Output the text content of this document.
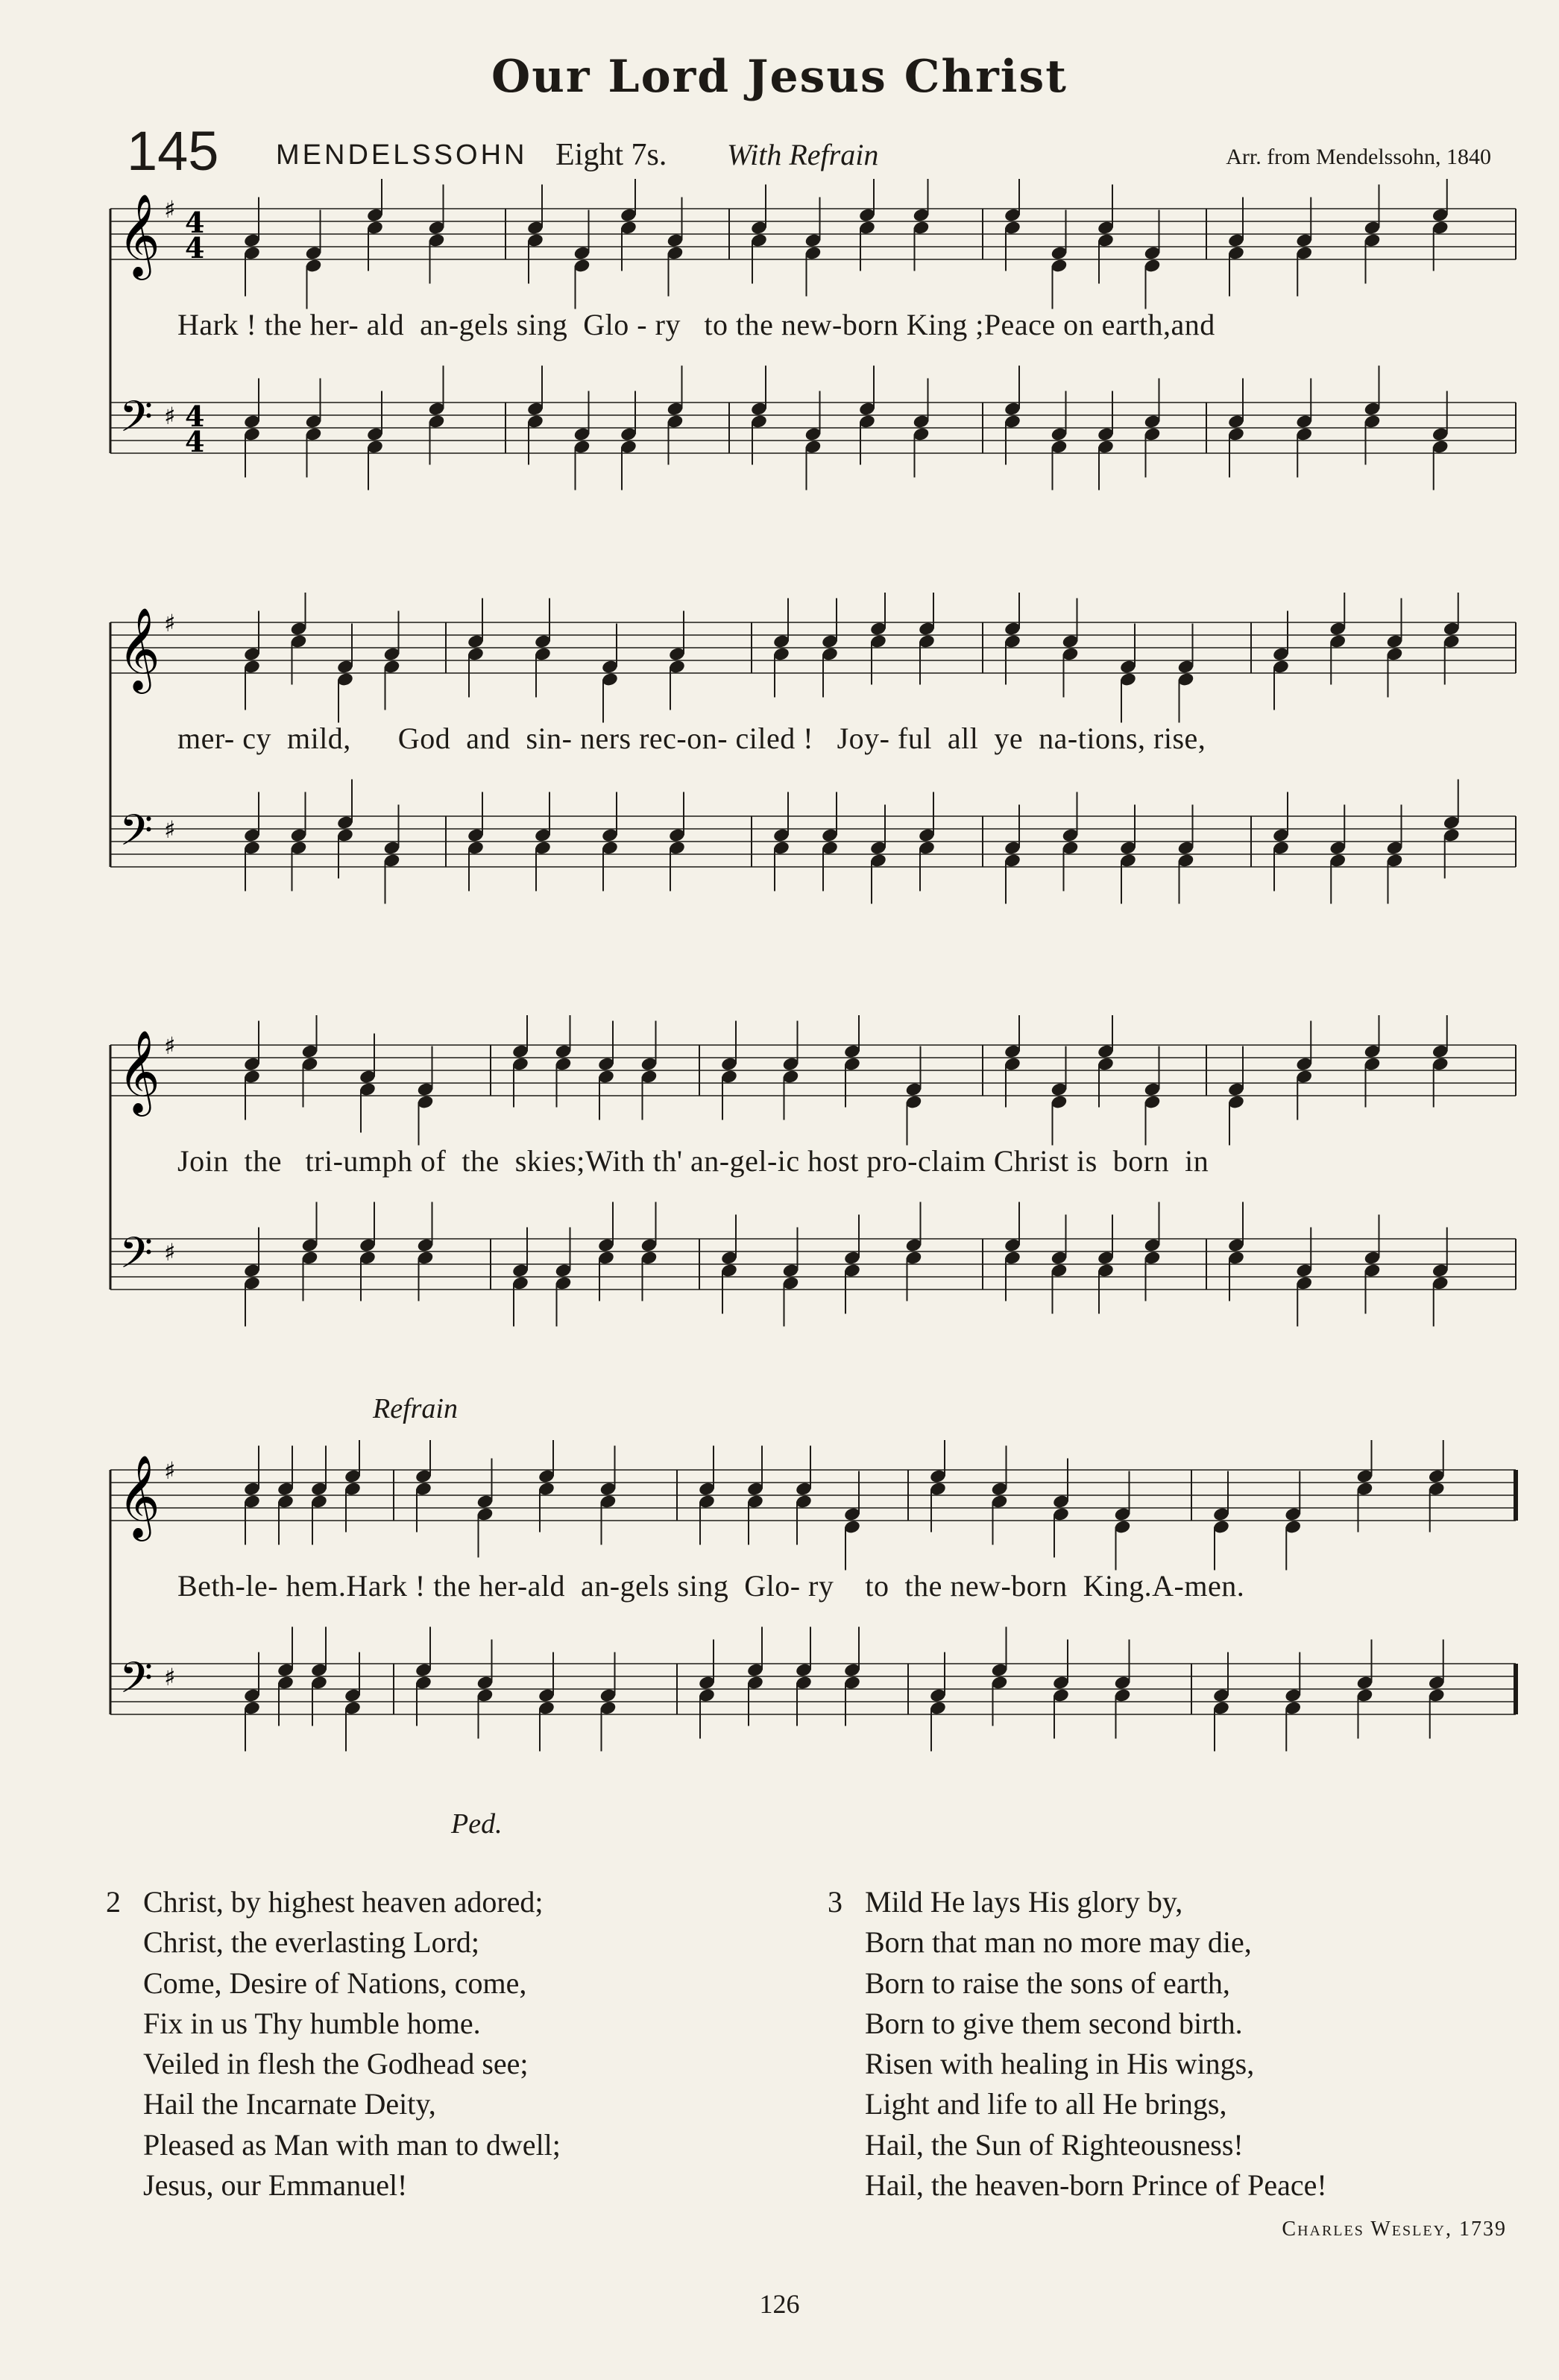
Our Lord Jesus Christ
145 MENDELSSOHN Eight 7s. With Refrain	Arr. from Mendelssohn, 1840
𝄞
𝄢
♯
♯
4
4
4
4
Hark ! the her- ald  an-gels sing  Glo - ry   to the new-born King ;Peace on earth,and
𝄞
𝄢
♯
♯
mer- cy  mild,      God  and  sin- ners rec-on- ciled !   Joy- ful  all  ye  na-tions, rise,
𝄞
𝄢
♯
♯
Join  the   tri-umph of  the  skies;With th' an-gel-ic host pro-claim Christ is  born  in
Refrain
𝄞
𝄢
♯
♯
Beth-le- hem.Hark ! the her-ald  an-gels sing  Glo- ry    to  the new-born  King.A-men.
Ped.
2 Christ, by highest heaven adored;
Christ, the everlasting Lord;
Come, Desire of Nations, come,
Fix in us Thy humble home.
Veiled in flesh the Godhead see;
Hail the Incarnate Deity,
Pleased as Man with man to dwell;
Jesus, our Emmanuel!
3 Mild He lays His glory by,
Born that man no more may die,
Born to raise the sons of earth,
Born to give them second birth.
Risen with healing in His wings,
Light and life to all He brings,
Hail, the Sun of Righteousness!
Hail, the heaven-born Prince of Peace!
Charles Wesley, 1739
126
